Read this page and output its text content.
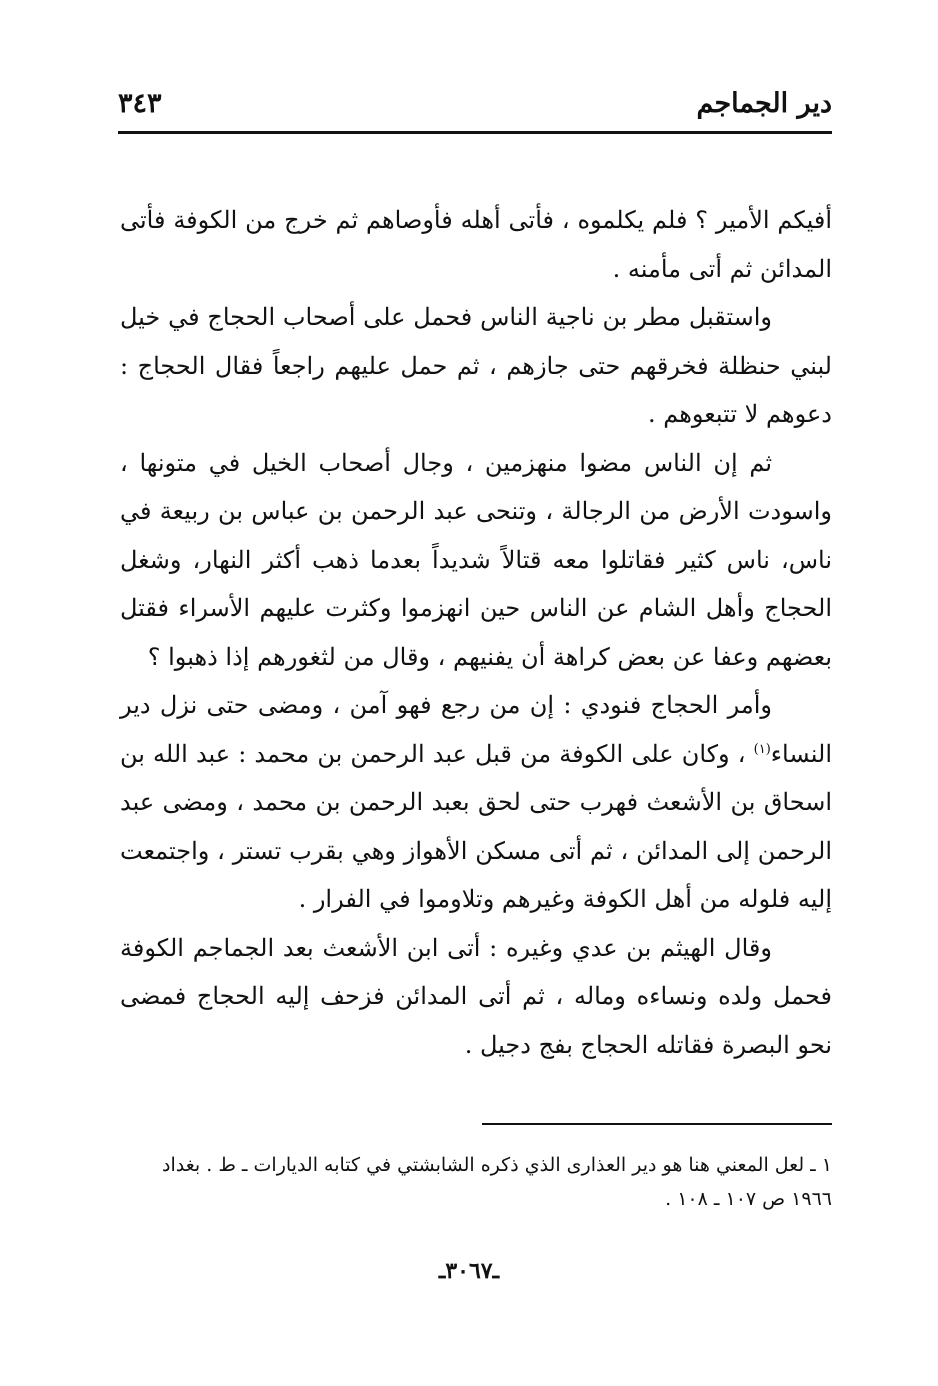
دير الجماجم
٣٤٣

أفيكم الأمير ؟ فلم يكلموه ، فأتى أهله فأوصاهم ثم خرج من الكوفة فأتى المدائن ثم أتى مأمنه .

واستقبل مطر بن ناجية الناس فحمل على أصحاب الحجاج في خيل لبني حنظلة فخرقهم حتى جازهم ، ثم حمل عليهم راجعاً فقال الحجاج : دعوهم لا تتبعوهم .

ثم إن الناس مضوا منهزمين ، وجال أصحاب الخيل في متونها ، واسودت الأرض من الرجالة ، وتنحى عبد الرحمن بن عباس بن ربيعة في ناس، ناس كثير فقاتلوا معه قتالاً شديداً بعدما ذهب أكثر النهار، وشغل الحجاج وأهل الشام عن الناس حين انهزموا وكثرت عليهم الأسراء فقتل بعضهم وعفا عن بعض كراهة أن يفنيهم ، وقال من لثغورهم إذا ذهبوا ؟

وأمر الحجاج فنودي : إن من رجع فهو آمن ، ومضى حتى نزل دير النساء$^{(١)}$ ، وكان على الكوفة من قبل عبد الرحمن بن محمد : عبد الله بن اسحاق بن الأشعث فهرب حتى لحق بعبد الرحمن بن محمد ، ومضى عبد الرحمن إلى المدائن ، ثم أتى مسكن الأهواز وهي بقرب تستر ، واجتمعت إليه فلوله من أهل الكوفة وغيرهم وتلاوموا في الفرار .

وقال الهيثم بن عدي وغيره : أتى ابن الأشعث بعد الجماجم الكوفة فحمل ولده ونساءه وماله ، ثم أتى المدائن فزحف إليه الحجاج فمضى نحو البصرة فقاتله الحجاج بفج دجيل .

١ ـ لعل المعني هنا هو دير العذارى الذي ذكره الشابشتي في كتابه الديارات ـ ط . بغداد ١٩٦٦ ص ١٠٧ ـ ١٠٨ .

ـ٣٠٦٧ـ
